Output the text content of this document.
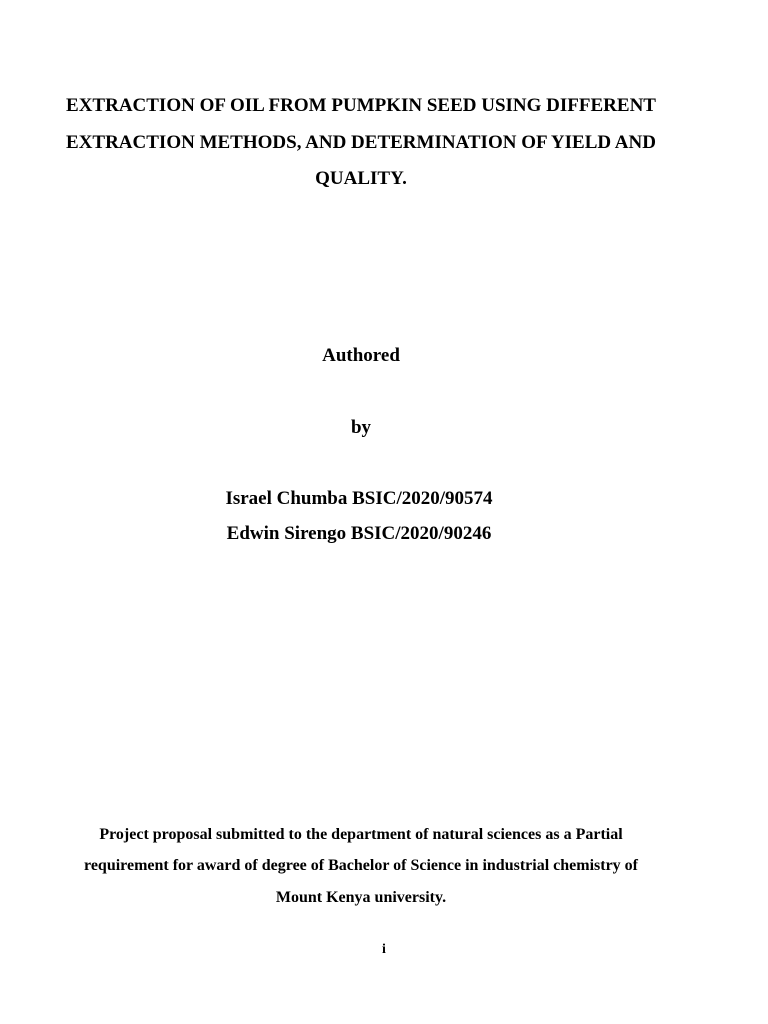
EXTRACTION OF OIL FROM PUMPKIN SEED USING DIFFERENT
EXTRACTION METHODS, AND DETERMINATION OF YIELD AND
QUALITY.
Authored
by
Israel Chumba BSIC/2020/90574
Edwin Sirengo BSIC/2020/90246
Project proposal submitted to the department of natural sciences as a Partial
requirement for award of degree of Bachelor of Science in industrial chemistry of
Mount Kenya university.
i
